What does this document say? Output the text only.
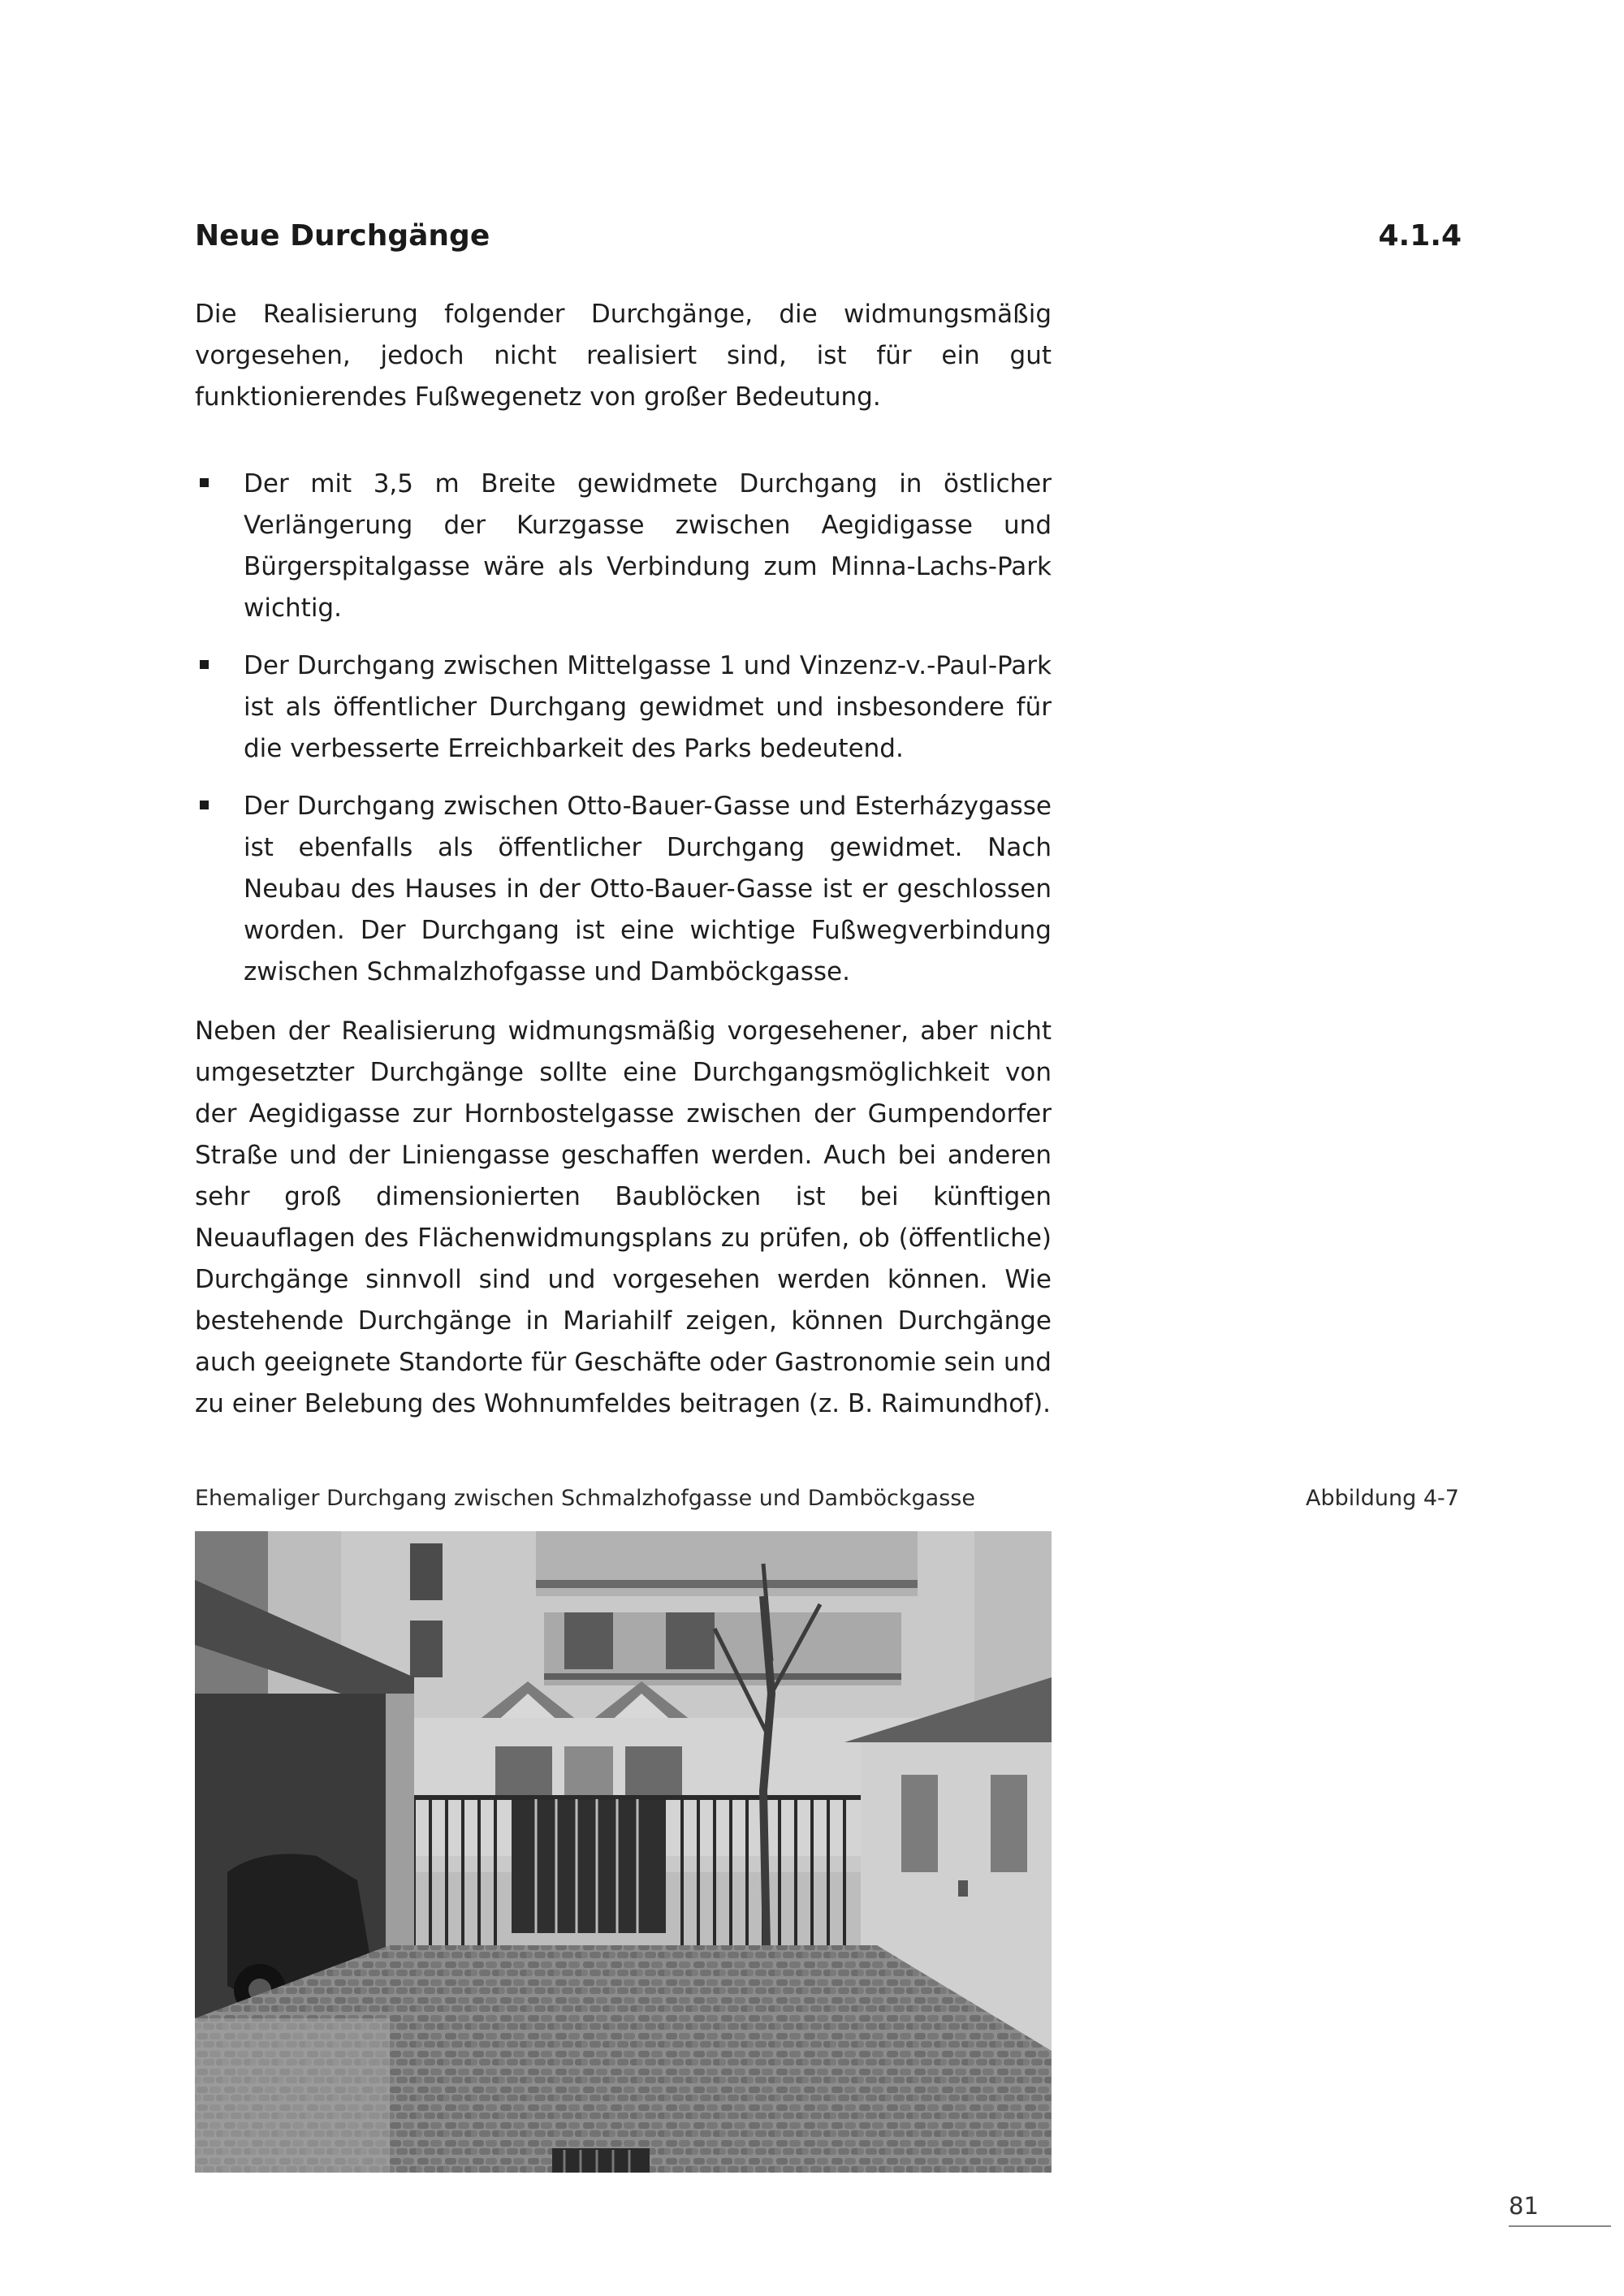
Neue Durchgänge	4.1.4

Die Realisierung folgender Durchgänge, die widmungsmäßig vorgesehen, jedoch nicht realisiert sind, ist für ein gut funktionierendes Fußwegenetz von großer Bedeutung.

Der mit 3,5 m Breite gewidmete Durchgang in östlicher Verlängerung der Kurzgasse zwischen Aegidigasse und Bürgerspitalgasse wäre als Verbindung zum Minna-Lachs-Park wichtig.
Der Durchgang zwischen Mittelgasse 1 und Vinzenz-v.-Paul-Park ist als öffentlicher Durchgang gewidmet und insbesondere für die verbesserte Erreichbarkeit des Parks bedeutend.
Der Durchgang zwischen Otto-Bauer-Gasse und Esterházygasse ist ebenfalls als öffentlicher Durchgang gewidmet. Nach Neubau des Hauses in der Otto-Bauer-Gasse ist er geschlossen worden. Der Durchgang ist eine wichtige Fußwegverbindung zwischen Schmalzhofgasse und Damböckgasse.

Neben der Realisierung widmungsmäßig vorgesehener, aber nicht umgesetzter Durchgänge sollte eine Durchgangsmöglichkeit von der Aegidigasse zur Hornbostelgasse zwischen der Gumpendorfer Straße und der Liniengasse geschaffen werden. Auch bei anderen sehr groß dimensionierten Baublöcken ist bei künftigen Neuauflagen des Flächenwidmungsplans zu prüfen, ob (öffentliche) Durchgänge sinnvoll sind und vorgesehen werden können. Wie bestehende Durchgänge in Mariahilf zeigen, können Durchgänge auch geeignete Standorte für Geschäfte oder Gastronomie sein und zu einer Belebung des Wohnumfeldes beitragen (z. B. Raimundhof).

Ehemaliger Durchgang zwischen Schmalzhofgasse und Damböckgasse	Abbildung 4-7
81
